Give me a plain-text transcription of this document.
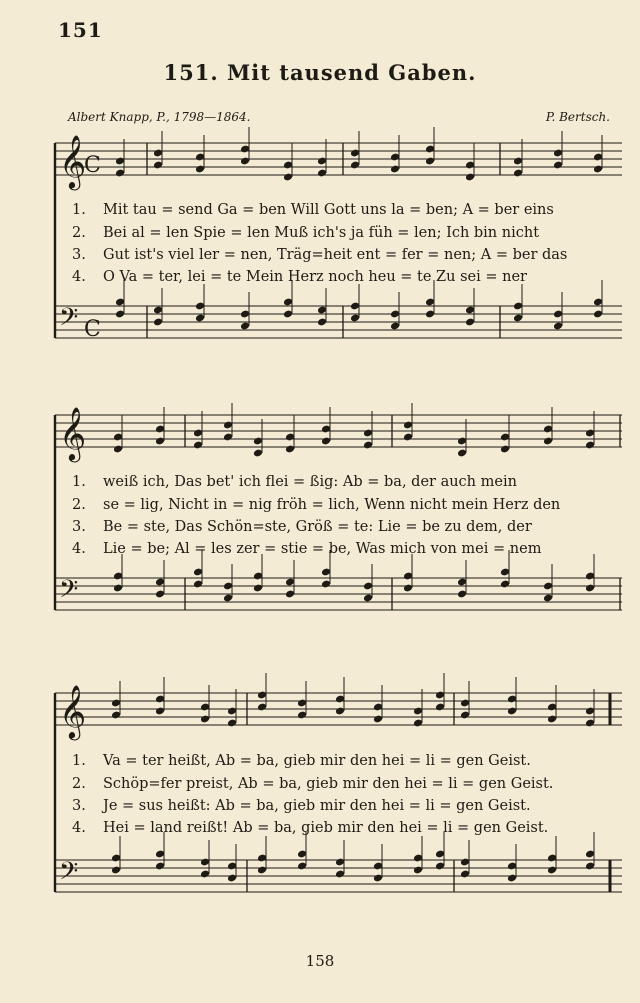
151
151. Mit tausend Gaben.
Albert Knapp, P., 1798—1864.	P. Bertsch.
𝄞
𝄢
𝄞
𝄢
𝄞
𝄢
C
C
1. Mit tau = send Ga = ben Will Gott uns la = ben; A = ber eins
2. Bei al = len Spie = len Muß ich's ja füh = len; Ich bin nicht
3. Gut ist's viel ler = nen, Träg=heit ent = fer = nen; A = ber das
4. O Va = ter, lei = te Mein Herz noch heu = te Zu sei = ner
1. weiß ich, Das bet' ich flei = ßig: Ab = ba, der auch mein
2. se = lig, Nicht in = nig fröh = lich, Wenn nicht mein Herz den
3. Be = ste, Das Schön=ste, Größ = te: Lie = be zu dem, der
4. Lie = be; Al = les zer = stie = be, Was mich von mei = nem
1. Va = ter heißt, Ab = ba, gieb mir den hei = li = gen Geist.
2. Schöp=fer preist, Ab = ba, gieb mir den hei = li = gen Geist.
3. Je = sus heißt: Ab = ba, gieb mir den hei = li = gen Geist.
4. Hei = land reißt! Ab = ba, gieb mir den hei = li = gen Geist.
158
